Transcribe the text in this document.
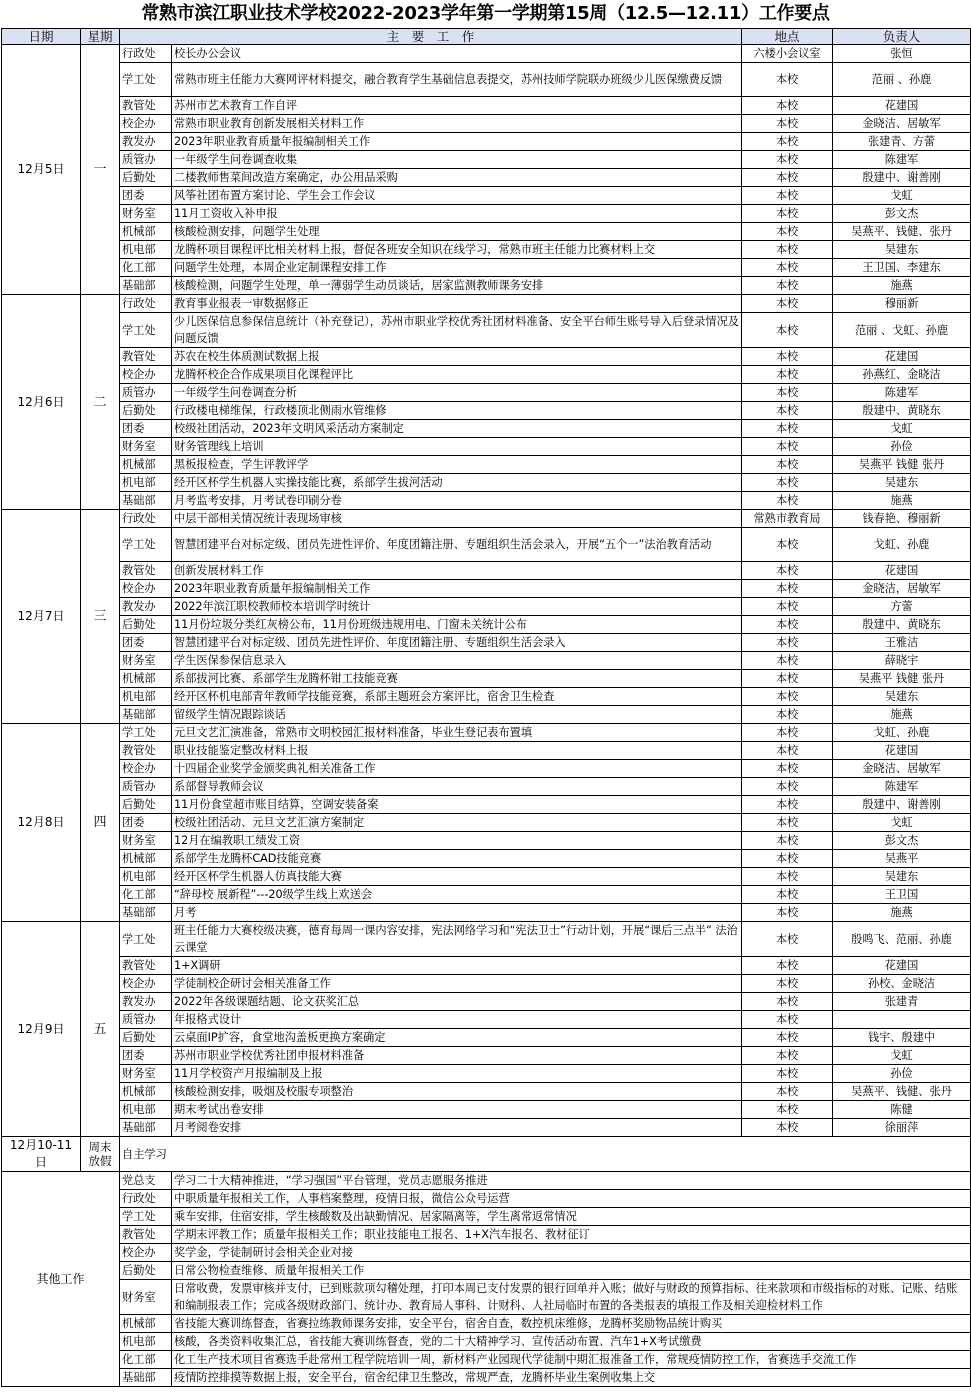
常熟市滨江职业技术学校2022-2023学年第一学期第15周（12.5—12.11）工作要点
日期	星期	主　要　工　作		地点	负责人
12月5日	一	行政处	校长办公会议	六楼小会议室	张恒
		学工处	常熟市班主任能力大赛网评材料提交，融合教育学生基础信息表提交，苏州技师学院联办班级少儿医保缴费反馈	本校	范丽 、孙鹿
		教管处	苏州市艺术教育工作自评	本校	花建国
		校企办	常熟市职业教育创新发展相关材料工作	本校	金晓洁、居敏军
		教发办	2023年职业教育质量年报编制相关工作	本校	张建青、方蕾
		质管办	一年级学生问卷调查收集	本校	陈建军
		后勤处	二楼教师售菜间改造方案确定，办公用品采购	本校	殷建中、谢善刚
		团委	风筝社团布置方案讨论、学生会工作会议	本校	戈虹
		财务室	11月工资收入补申报	本校	彭文杰
		机械部	核酸检测安排，问题学生处理	本校	吴燕平、钱健、张丹
		机电部	龙腾杯项目课程评比相关材料上报，督促各班安全知识在线学习，常熟市班主任能力比赛材料上交	本校	吴建东
		化工部	问题学生处理，本周企业定制课程安排工作	本校	王卫国、李建东
		基础部	核酸检测，问题学生处理，单一薄弱学生动员谈话，居家监测教师课务安排	本校	施燕
12月6日	二	行政处	教育事业报表一审数据修正	本校	穆丽新
		学工处	少儿医保信息参保信息统计（补充登记），苏州市职业学校优秀社团材料准备、安全平台师生账号导入后登录情况及问题反馈	本校	范丽 、戈虹、孙鹿
		教管处	苏农在校生体质测试数据上报	本校	花建国
		校企办	龙腾杯校企合作成果项目化课程评比	本校	孙燕红、金晓洁
		质管办	一年级学生问卷调查分析	本校	陈建军
		后勤处	行政楼电梯维保，行政楼顶北侧雨水管维修	本校	殷建中、黄晓东
		团委	校级社团活动，2023年文明风采活动方案制定	本校	戈虹
		财务室	财务管理线上培训	本校	孙俭
		机械部	黑板报检查，学生评教评学	本校	吴燕平 钱健 张丹
		机电部	经开区杯学生机器人实操技能比赛，系部学生拔河活动	本校	吴建东
		基础部	月考监考安排，月考试卷印刷分卷	本校	施燕
12月7日	三	行政处	中层干部相关情况统计表现场审核	常熟市教育局	钱春艳、穆丽新
		学工处	智慧团建平台对标定级、团员先进性评价、年度团籍注册、专题组织生活会录入，开展“五个一”法治教育活动	本校	戈虹、孙鹿
		教管处	创新发展材料工作	本校	花建国
		校企办	2023年职业教育质量年报编制相关工作	本校	金晓洁，居敏军
		教发办	2022年滨江职校教师校本培训学时统计	本校	方蕾
		后勤处	11月份垃圾分类红灰榜公布，11月份班级违规用电、门窗未关统计公布	本校	殷建中、黄晓东
		团委	智慧团建平台对标定级、团员先进性评价、年度团籍注册、专题组织生活会录入	本校	王雅洁
		财务室	学生医保参保信息录入	本校	薛晓宇
		机械部	系部拔河比赛、系部学生龙腾杯钳工技能竞赛	本校	吴燕平 钱健 张丹
		机电部	经开区杯机电部青年教师学技能竞赛，系部主题班会方案评比，宿舍卫生检查	本校	吴建东
		基础部	留级学生情况跟踪谈话	本校	施燕
12月8日	四	学工处	元旦文艺汇演准备，常熟市文明校园汇报材料准备，毕业生登记表布置填	本校	戈虹、孙鹿
		教管处	职业技能鉴定整改材料上报	本校	花建国
		校企办	十四届企业奖学金颁奖典礼相关准备工作	本校	金晓洁、居敏军
		质管办	系部督导教师会议	本校	陈建军
		后勤处	11月份食堂超市账目结算，空调安装备案	本校	殷建中、谢善刚
		团委	校级社团活动、元旦文艺汇演方案制定	本校	戈虹
		财务室	12月在编教职工绩发工资	本校	彭文杰
		机械部	系部学生龙腾杯CAD技能竞赛	本校	吴燕平
		机电部	经开区杯学生机器人仿真技能大赛	本校	吴建东
		化工部	“辞母校 展新程”---20级学生线上欢送会	本校	王卫国
		基础部	月考	本校	施燕
12月9日	五	学工处	班主任能力大赛校级决赛，德育每周一课内容安排，宪法网络学习和“宪法卫士”行动计划，开展“课后三点半” 法治云课堂	本校	殷鸣飞、范丽、孙鹿
		教管处	1+X调研	本校	花建国
		校企办	学徒制校企研讨会相关准备工作	本校	孙校、金晓洁
		教发办	2022年各级课题结题、论文获奖汇总	本校	张建青
		质管办	年报格式设计	本校	
		后勤处	云桌面IP扩容，食堂地沟盖板更换方案确定	本校	钱宇、殷建中
		团委	苏州市职业学校优秀社团申报材料准备	本校	戈虹
		财务室	11月学校资产月报编制及上报	本校	孙俭
		机械部	核酸检测安排，吸烟及校服专项整治	本校	吴燕平、钱健、张丹
		机电部	期末考试出卷安排	本校	陈健
		基础部	月考阅卷安排	本校	徐丽萍
12月10-11日	周末放假	自主学习			
其他工作		党总支	学习二十大精神推进，“学习强国”平台管理，党员志愿服务推进		
		行政处	中职质量年报相关工作，人事档案整理，疫情日报，微信公众号运营		
		学工处	乘车安排，住宿安排，学生核酸数及出缺勤情况、居家隔离等，学生离常返常情况		
		教管处	学期末评教工作；质量年报相关工作；职业技能电工报名、1+X汽车报名、教材征订		
		校企办	奖学金，学徒制研讨会相关企业对接		
		后勤处	日常公物检查维修、质量年报相关工作		
		财务室	日常收费，发票审核并支付，已到账款项勾稽处理，打印本周已支付发票的银行回单并入账；做好与财政的预算指标、往来款项和市级指标的对账、记账、结账和编制报表工作；完成各级财政部门、统计办、教育局人事科、计财科、人社局临时布置的各类报表的填报工作及相关迎检材料工作		
		机械部	省技能大赛训练督查，省赛拉练教师课务安排，安全平台，宿舍自查，数控机床维修，龙腾杯奖励物品统计购买		
		机电部	核酸，各类资料收集汇总，省技能大赛训练督查，党的二十大精神学习、宣传活动布置、汽车1+X考试缴费		
		化工部	化工生产技术项目省赛选手赴常州工程学院培训一周，新材料产业园现代学徒制中期汇报准备工作，常规疫情防控工作，省赛选手交流工作		
		基础部	疫情防控排摸等数据上报，安全平台，宿舍纪律卫生整改，常规严查，龙腾杯毕业生案例收集上交		
